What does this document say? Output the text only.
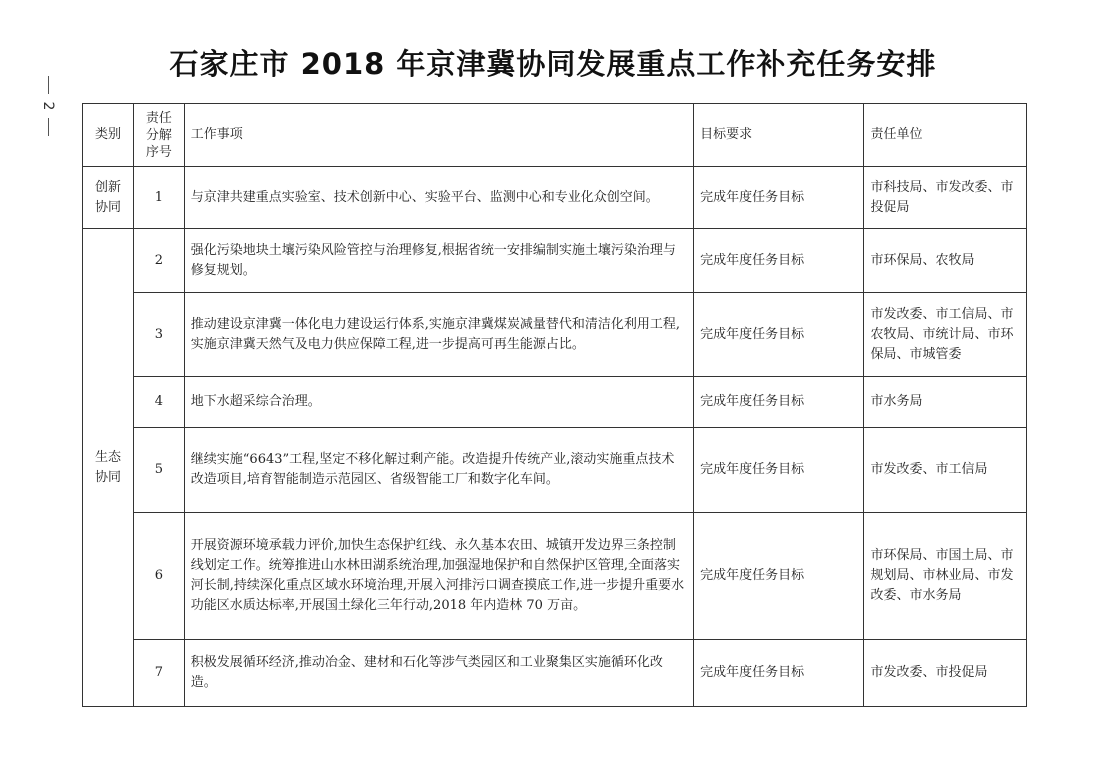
石家庄市 2018 年京津冀协同发展重点工作补充任务安排
2
类别	责任分解序号	工作事项	目标要求	责任单位
创新协同	1	与京津共建重点实验室、技术创新中心、实验平台、监测中心和专业化众创空间。	完成年度任务目标	市科技局、市发改委、市投促局
生态协同	2	强化污染地块土壤污染风险管控与治理修复,根据省统一安排编制实施土壤污染治理与修复规划。	完成年度任务目标	市环保局、农牧局
	3	推动建设京津冀一体化电力建设运行体系,实施京津冀煤炭减量替代和清洁化利用工程,实施京津冀天然气及电力供应保障工程,进一步提高可再生能源占比。	完成年度任务目标	市发改委、市工信局、市农牧局、市统计局、市环保局、市城管委
	4	地下水超采综合治理。	完成年度任务目标	市水务局
	5	继续实施“6643”工程,坚定不移化解过剩产能。改造提升传统产业,滚动实施重点技术改造项目,培育智能制造示范园区、省级智能工厂和数字化车间。	完成年度任务目标	市发改委、市工信局
	6	开展资源环境承载力评价,加快生态保护红线、永久基本农田、城镇开发边界三条控制线划定工作。统筹推进山水林田湖系统治理,加强湿地保护和自然保护区管理,全面落实河长制,持续深化重点区域水环境治理,开展入河排污口调查摸底工作,进一步提升重要水功能区水质达标率,开展国土绿化三年行动,2018 年内造林 70 万亩。	完成年度任务目标	市环保局、市国土局、市规划局、市林业局、市发改委、市水务局
	7	积极发展循环经济,推动冶金、建材和石化等涉气类园区和工业聚集区实施循环化改造。	完成年度任务目标	市发改委、市投促局
